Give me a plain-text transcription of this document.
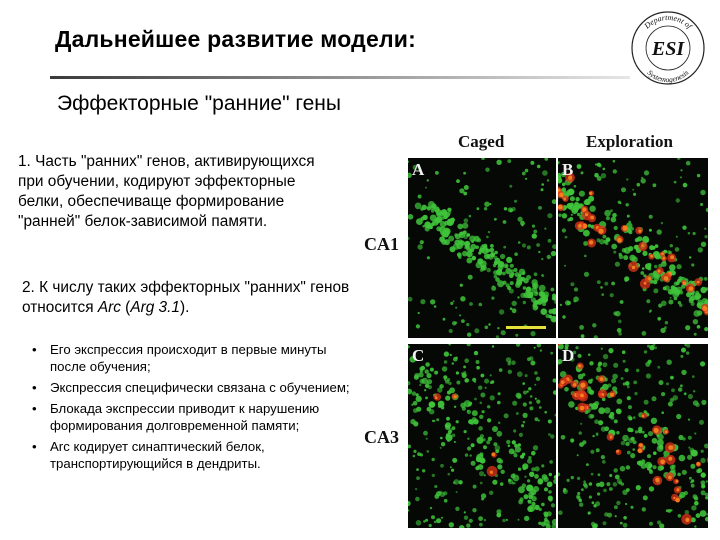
Дальнейшее развитие модели:
Department of
Systemogenesis
ESI
Эффекторные "ранние" гены
1. Часть "ранних" генов, активирующихся при обучении, кодируют эффекторные белки, обеспечиваще формирование "ранней" белок-зависимой памяти.
2. К числу таких эффекторных "ранних" генов относится Arc (Arg 3.1).
• Его экспрессия происходит в первые минуты после обучения;
• Экспрессия специфически связана с обучением;
• Блокада экспрессии приводит к нарушению формирования долговременной памяти;
• Arc кодирует синаптический белок, транспортирующийся в дендриты.
Caged	Exploration
CA1
CA3
A	B
C	D
